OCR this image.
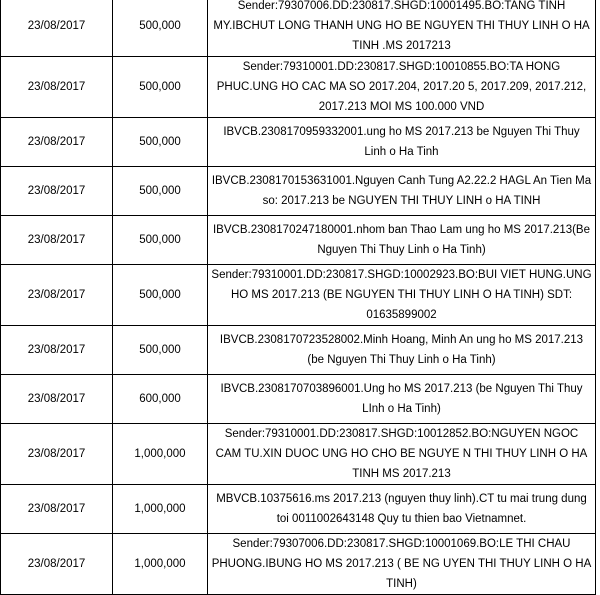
23/08/2017	500,000	Sender:79307006.DD:230817.SHGD:10001495.BO:TANG TINH MY.IBCHUT LONG THANH UNG HO BE NGUYEN THI THUY LINH O HA TINH .MS 2017213
23/08/2017	500,000	Sender:79310001.DD:230817.SHGD:10010855.BO:TA HONG PHUC.UNG HO CAC MA SO 2017.204, 2017.20 5, 2017.209, 2017.212, 2017.213 MOI MS 100.000 VND
23/08/2017	500,000	IBVCB.2308170959332001.ung ho MS 2017.213 be Nguyen Thi Thuy Linh o Ha Tinh
23/08/2017	500,000	IBVCB.2308170153631001.Nguyen Canh Tung A2.22.2 HAGL An Tien Ma so: 2017.213 be NGUYEN THI THUY LINH o HA TINH
23/08/2017	500,000	IBVCB.2308170247180001.nhom ban Thao Lam ung ho MS 2017.213(Be Nguyen Thi Thuy Linh o Ha Tinh)
23/08/2017	500,000	Sender:79310001.DD:230817.SHGD:10002923.BO:BUI VIET HUNG.UNG HO MS 2017.213 (BE NGUYEN THI THUY LINH O HA TINH) SDT: 01635899002
23/08/2017	500,000	IBVCB.2308170723528002.Minh Hoang, Minh An ung ho MS 2017.213 (be Nguyen Thi Thuy Linh o Ha Tinh)
23/08/2017	600,000	IBVCB.2308170703896001.Ung ho MS 2017.213 (be Nguyen Thi Thuy LInh o Ha Tinh)
23/08/2017	1,000,000	Sender:79310001.DD:230817.SHGD:10012852.BO:NGUYEN NGOC CAM TU.XIN DUOC UNG HO CHO BE NGUYE N THI THUY LINH O HA TINH MS 2017.213
23/08/2017	1,000,000	MBVCB.10375616.ms 2017.213 (nguyen thuy linh).CT tu mai trung dung toi 0011002643148 Quy tu thien bao Vietnamnet.
23/08/2017	1,000,000	Sender:79307006.DD:230817.SHGD:10001069.BO:LE THI CHAU PHUONG.IBUNG HO MS 2017.213 ( BE NG UYEN THI THUY LINH O HA TINH)
